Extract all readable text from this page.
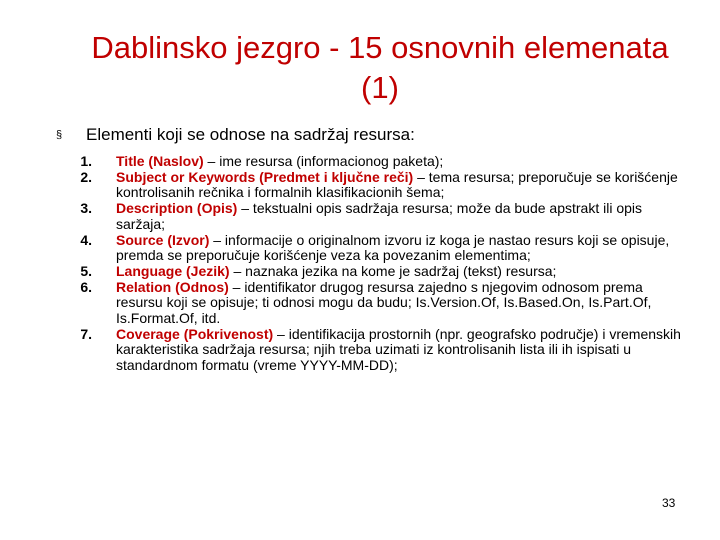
Dablinsko jezgro - 15 osnovnih elemenata
(1)
§ Elementi koji se odnose na sadržaj resursa:
1. Title (Naslov) – ime resursa (informacionog paketa);
2. Subject or Keywords (Predmet i ključne reči) – tema resursa; preporučuje se korišćenje kontrolisanih rečnika i formalnih klasifikacionih šema;
3. Description (Opis) – tekstualni opis sadržaja resursa; može da bude apstrakt ili opis saržaja;
4. Source (Izvor) – informacije o originalnom izvoru iz koga je nastao resurs koji se opisuje, premda se preporučuje korišćenje veza ka povezanim elementima;
5. Language (Jezik) – naznaka jezika na kome je sadržaj (tekst) resursa;
6. Relation (Odnos) – identifikator drugog resursa zajedno s njegovim odnosom prema resursu koji se opisuje; ti odnosi mogu da budu; Is.Version.Of, Is.Based.On, Is.Part.Of, Is.Format.Of, itd.
7. Coverage (Pokrivenost) – identifikacija prostornih (npr. geografsko područje) i vremenskih karakteristika sadržaja resursa; njih treba uzimati iz kontrolisanih lista ili ih ispisati u standardnom formatu (vreme YYYY-MM-DD);
33
